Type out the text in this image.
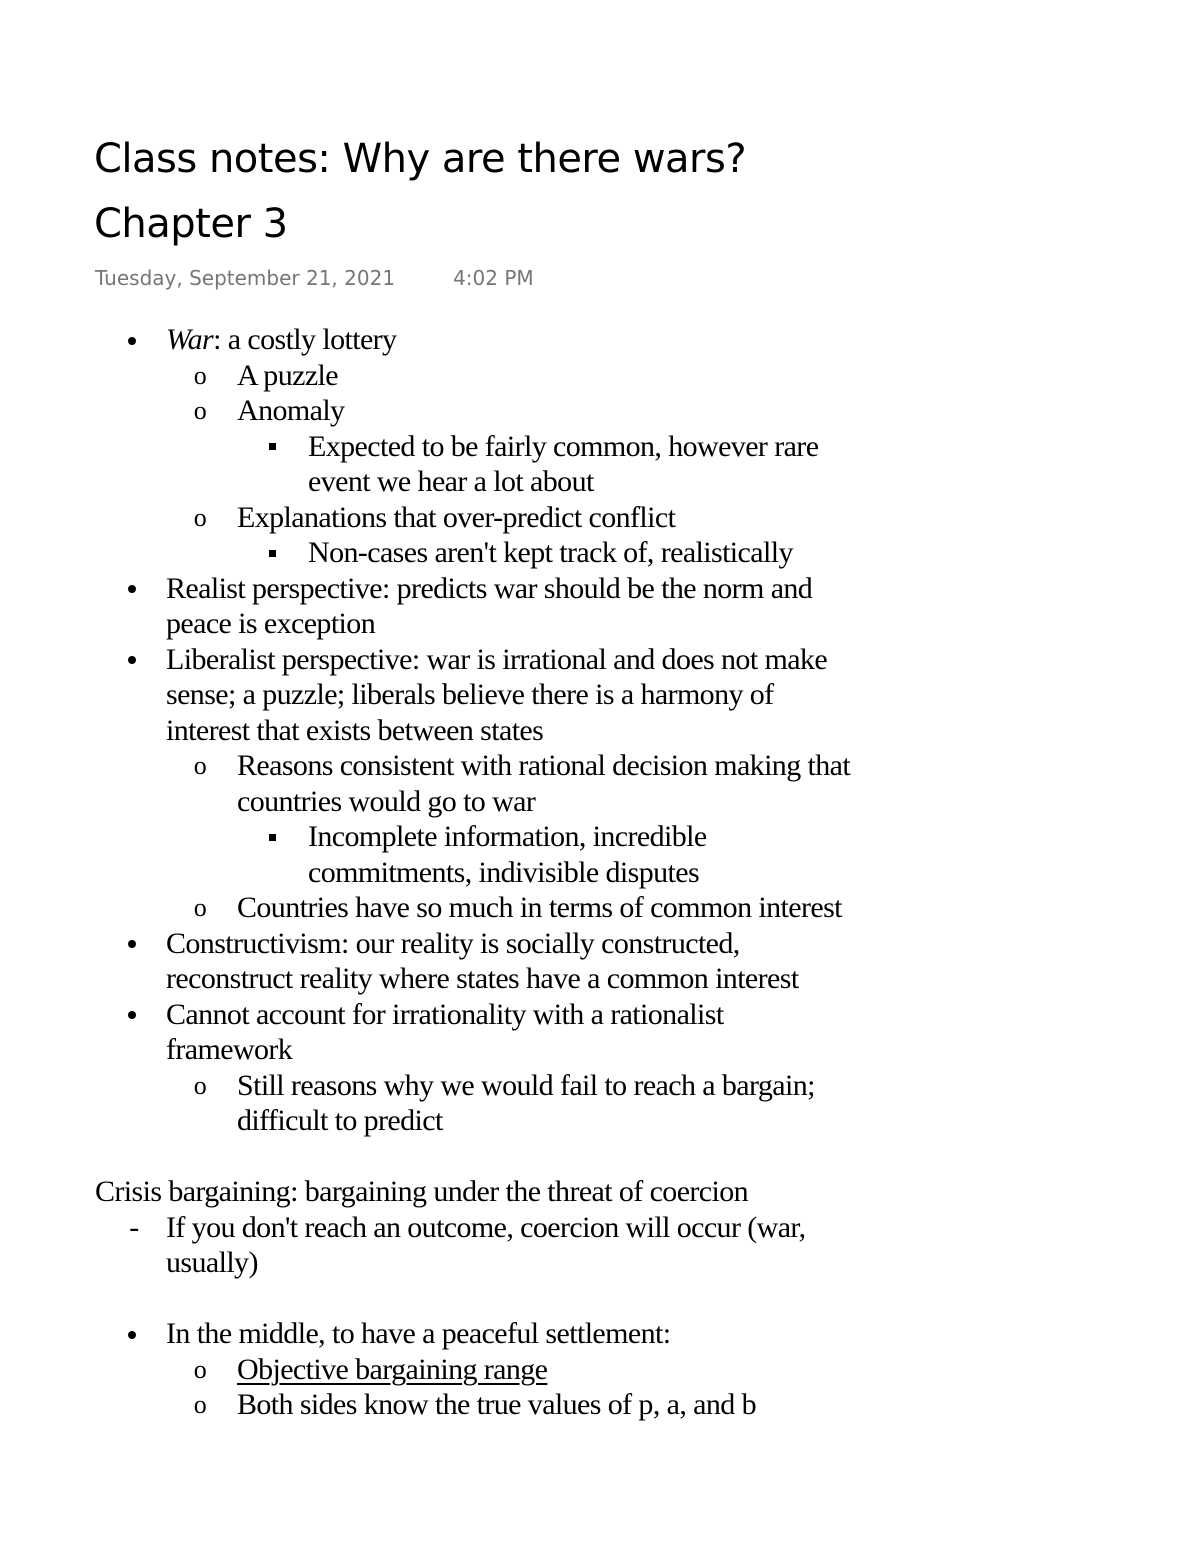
Class notes: Why are there wars?
Chapter 3
Tuesday, September 21, 2021	4:02 PM
War: a costly lottery
o A puzzle
o Anomaly
Expected to be fairly common, however rare
event we hear a lot about
o Explanations that over-predict conflict
Non-cases aren't kept track of, realistically
Realist perspective: predicts war should be the norm and
peace is exception
Liberalist perspective: war is irrational and does not make
sense; a puzzle; liberals believe there is a harmony of
interest that exists between states
o Reasons consistent with rational decision making that
countries would go to war
Incomplete information, incredible
commitments, indivisible disputes
o Countries have so much in terms of common interest
Constructivism: our reality is socially constructed,
reconstruct reality where states have a common interest
Cannot account for irrationality with a rationalist
framework
o Still reasons why we would fail to reach a bargain;
difficult to predict
Crisis bargaining: bargaining under the threat of coercion
- If you don't reach an outcome, coercion will occur (war,
usually)
In the middle, to have a peaceful settlement:
o Objective bargaining range
o Both sides know the true values of p, a, and b
